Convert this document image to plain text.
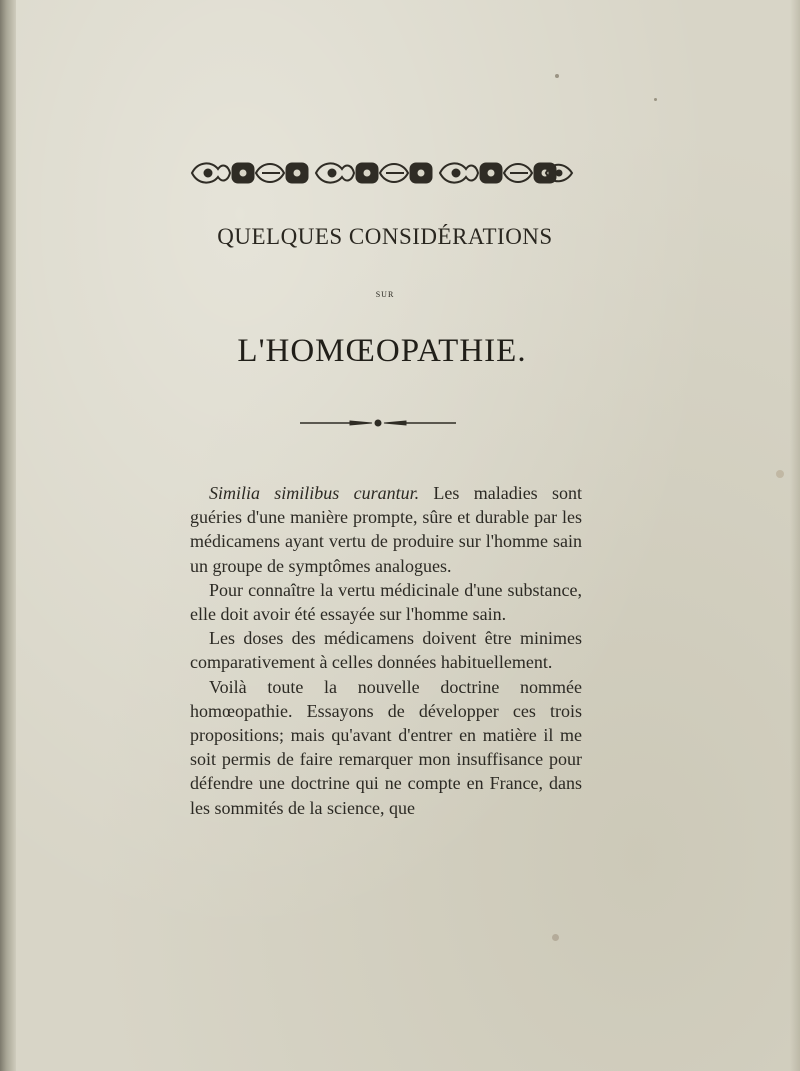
QUELQUES CONSIDÉRATIONS
SUR
L'HOMŒOPATHIE.

Similia similibus curantur. Les maladies sont guéries d'une manière prompte, sûre et durable par les médicamens ayant vertu de produire sur l'homme sain un groupe de symptômes analogues.

Pour connaître la vertu médicinale d'une substance, elle doit avoir été essayée sur l'homme sain.

Les doses des médicamens doivent être minimes comparativement à celles données habituellement.

Voilà toute la nouvelle doctrine nommée homœopathie. Essayons de développer ces trois propositions; mais qu'avant d'entrer en matière il me soit permis de faire remarquer mon insuffisance pour défendre une doctrine qui ne compte en France, dans les sommités de la science, que
